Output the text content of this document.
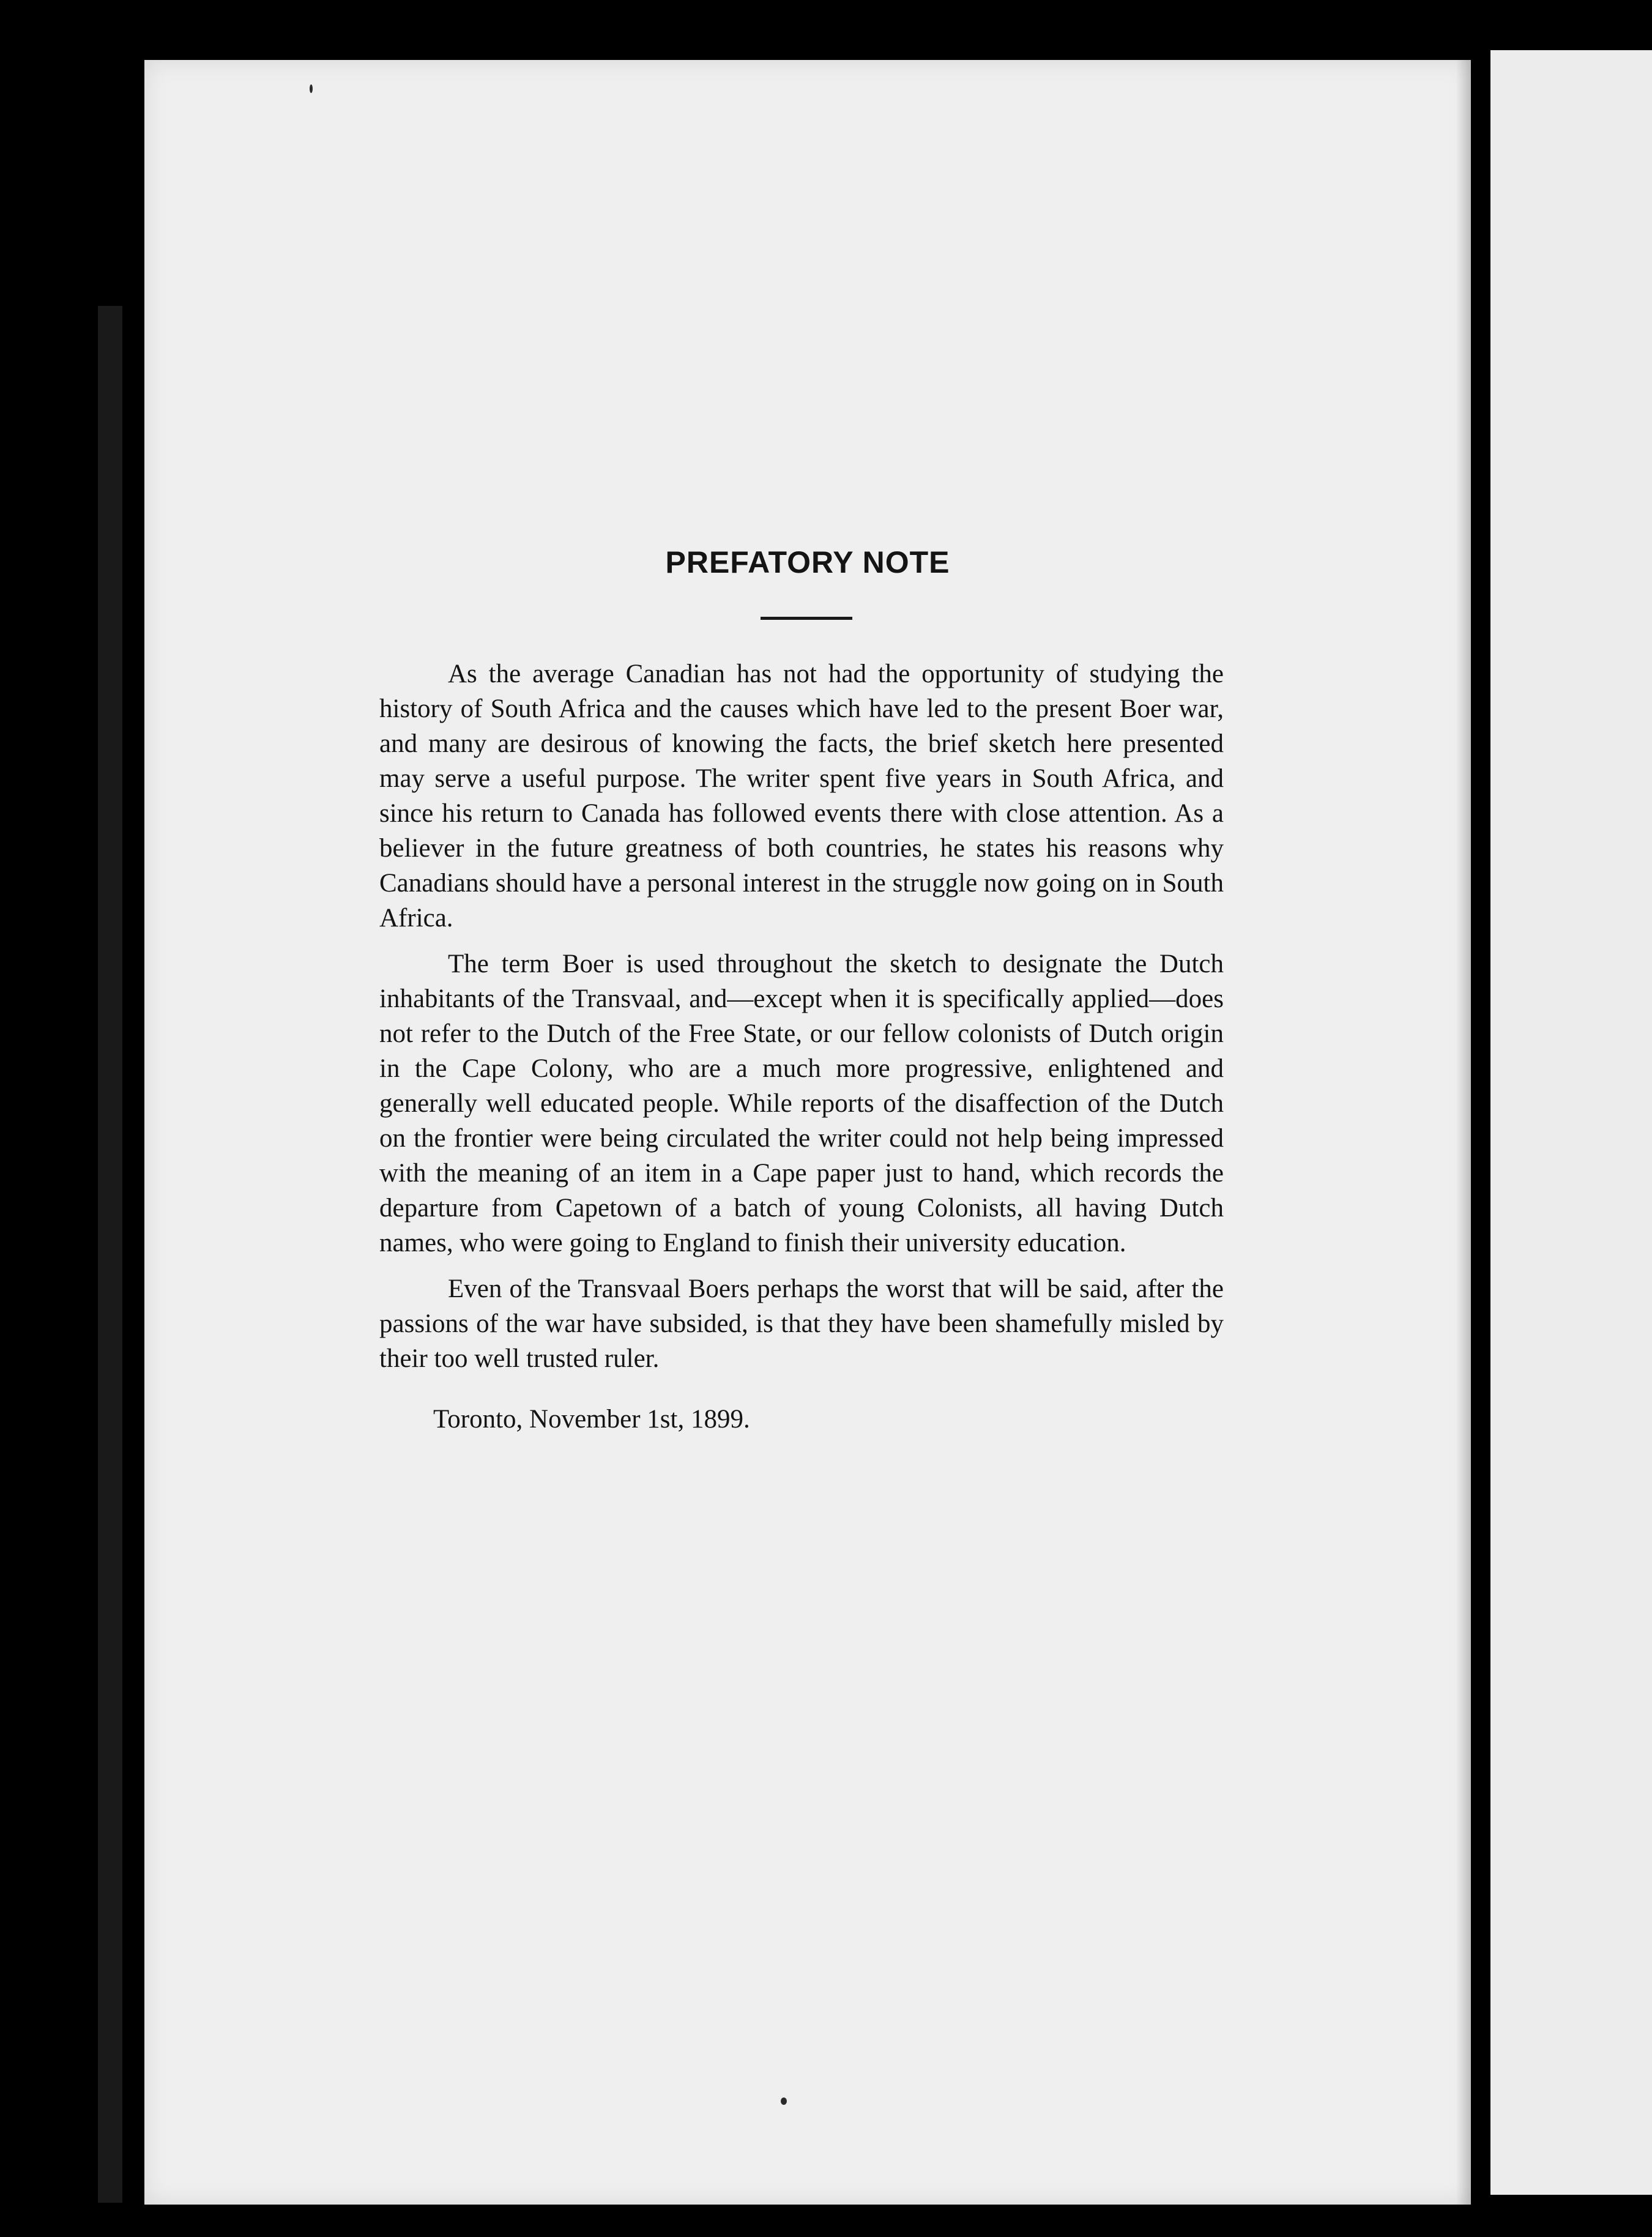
PREFATORY NOTE

As the average Canadian has not had the opportunity of studying the history of South Africa and the causes which have led to the present Boer war, and many are desirous of knowing the facts, the brief sketch here presented may serve a useful purpose. The writer spent five years in South Africa, and since his return to Canada has followed events there with close attention. As a believer in the future greatness of both countries, he states his reasons why Canadians should have a personal interest in the struggle now going on in South Africa.

The term Boer is used throughout the sketch to designate the Dutch inhabitants of the Transvaal, and—except when it is specifically applied—does not refer to the Dutch of the Free State, or our fellow colonists of Dutch origin in the Cape Colony, who are a much more progressive, enlightened and generally well educated people. While reports of the disaffection of the Dutch on the frontier were being circulated the writer could not help being impressed with the meaning of an item in a Cape paper just to hand, which records the departure from Capetown of a batch of young Colonists, all having Dutch names, who were going to England to finish their university education.

Even of the Transvaal Boers perhaps the worst that will be said, after the passions of the war have subsided, is that they have been shamefully misled by their too well trusted ruler.

Toronto, November 1st, 1899.
